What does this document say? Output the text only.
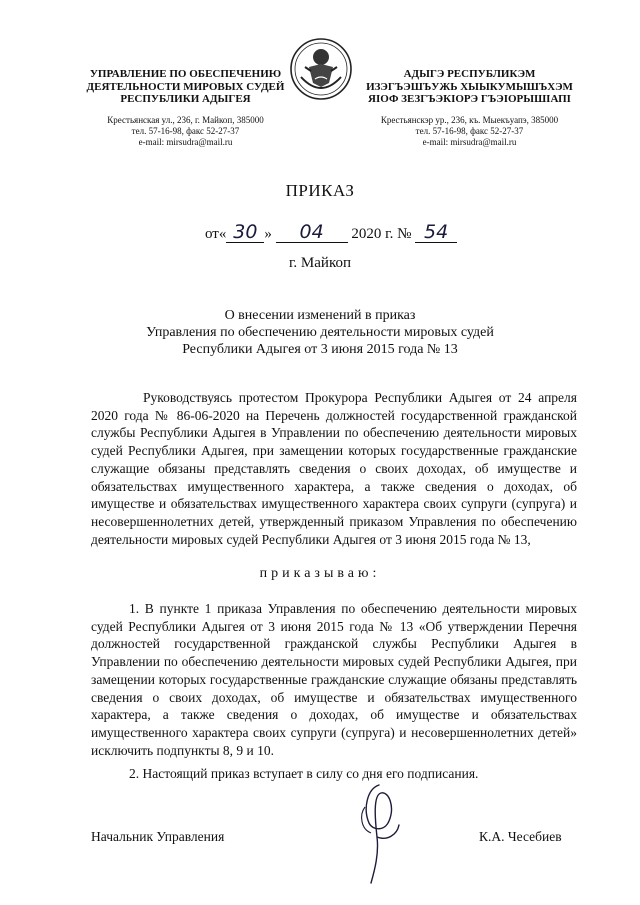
УПРАВЛЕНИЕ ПО ОБЕСПЕЧЕНИЮ ДЕЯТЕЛЬНОСТИ МИРОВЫХ СУДЕЙ РЕСПУБЛИКИ АДЫГЕЯ
Крестьянская ул., 236, г. Майкоп, 385000
тел. 57-16-98, факс 52-27-37
e-mail: mirsudra@mail.ru
АДЫГЭ РЕСПУБЛИКЭМ ИЗЭГЪЭШЪУЖЬ ХЫЫКУМЫШЪХЭМ ЯIОФ ЗЕЗГЪЭКIОРЭ ГЪЭIОРЫШIАПI
Крестьянскэр ур., 236, къ. Мыекъуапэ, 385000
тел. 57-16-98, факс 52-27-37
e-mail: mirsudra@mail.ru
ПРИКАЗ
от« 30 » 04 2020 г. № 54
г. Майкоп
О внесении изменений в приказ
Управления по обеспечению деятельности мировых судей
Республики Адыгея от 3 июня 2015 года № 13
Руководствуясь протестом Прокурора Республики Адыгея от 24 апреля 2020 года № 86-06-2020 на Перечень должностей государственной гражданской службы Республики Адыгея в Управлении по обеспечению деятельности мировых судей Республики Адыгея, при замещении которых государственные гражданские служащие обязаны представлять сведения о своих доходах, об имуществе и обязательствах имущественного характера, а также сведения о доходах, об имуществе и обязательствах имущественного характера своих супруги (супруга) и несовершеннолетних детей, утвержденный приказом Управления по обеспечению деятельности мировых судей Республики Адыгея от 3 июня 2015 года № 13,
приказываю:
1. В пункте 1 приказа Управления по обеспечению деятельности мировых судей Республики Адыгея от 3 июня 2015 года № 13 «Об утверждении Перечня должностей государственной гражданской службы Республики Адыгея в Управлении по обеспечению деятельности мировых судей Республики Адыгея, при замещении которых государственные гражданские служащие обязаны представлять сведения о своих доходах, об имуществе и обязательствах имущественного характера, а также сведения о доходах, об имуществе и обязательствах имущественного характера своих супруги (супруга) и несовершеннолетних детей» исключить подпункты 8, 9 и 10.
2. Настоящий приказ вступает в силу со дня его подписания.
Начальник Управления	К.А. Чесебиев
